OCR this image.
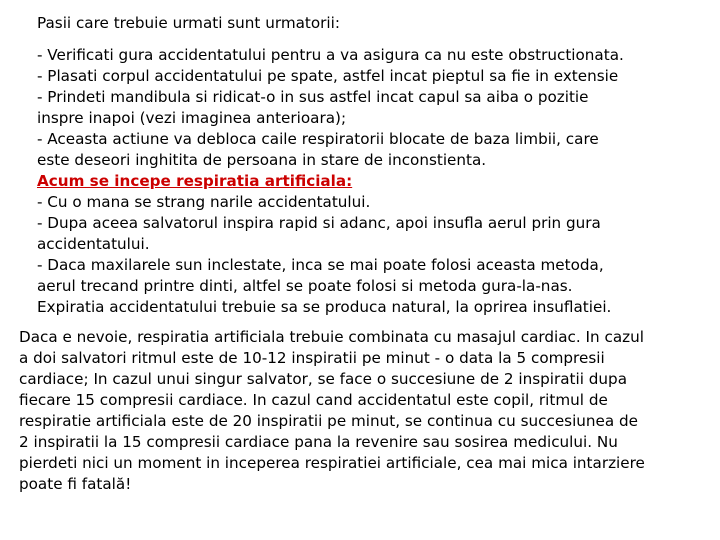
Pasii care trebuie urmati sunt urmatorii:
- Verificati gura accidentatului pentru a va asigura ca nu este obstructionata.
- Plasati corpul accidentatului pe spate, astfel incat pieptul sa fie in extensie
- Prindeti mandibula si ridicat-o in sus astfel incat capul sa aiba o pozitie
inspre inapoi (vezi imaginea anterioara);
- Aceasta actiune va debloca caile respiratorii blocate de baza limbii, care
este deseori inghitita de persoana in stare de inconstienta.
Acum se incepe respiratia artificiala:
- Cu o mana se strang narile accidentatului.
- Dupa aceea salvatorul inspira rapid si adanc, apoi insufla aerul prin gura
accidentatului.
- Daca maxilarele sun inclestate, inca se mai poate folosi aceasta metoda,
aerul trecand printre dinti, altfel se poate folosi si metoda gura-la-nas.
Expiratia accidentatului trebuie sa se produca natural, la oprirea insuflatiei.
Daca e nevoie, respiratia artificiala trebuie combinata cu masajul cardiac. In cazul
a doi salvatori ritmul este de 10-12 inspiratii pe minut - o data la 5 compresii
cardiace; In cazul unui singur salvator, se face o succesiune de 2 inspiratii dupa
fiecare 15 compresii cardiace. In cazul cand accidentatul este copil, ritmul de
respiratie artificiala este de 20 inspiratii pe minut, se continua cu succesiunea de
2 inspiratii la 15 compresii cardiace pana la revenire sau sosirea medicului. Nu
pierdeti nici un moment in inceperea respiratiei artificiale, cea mai mica intarziere
poate fi fatală!
